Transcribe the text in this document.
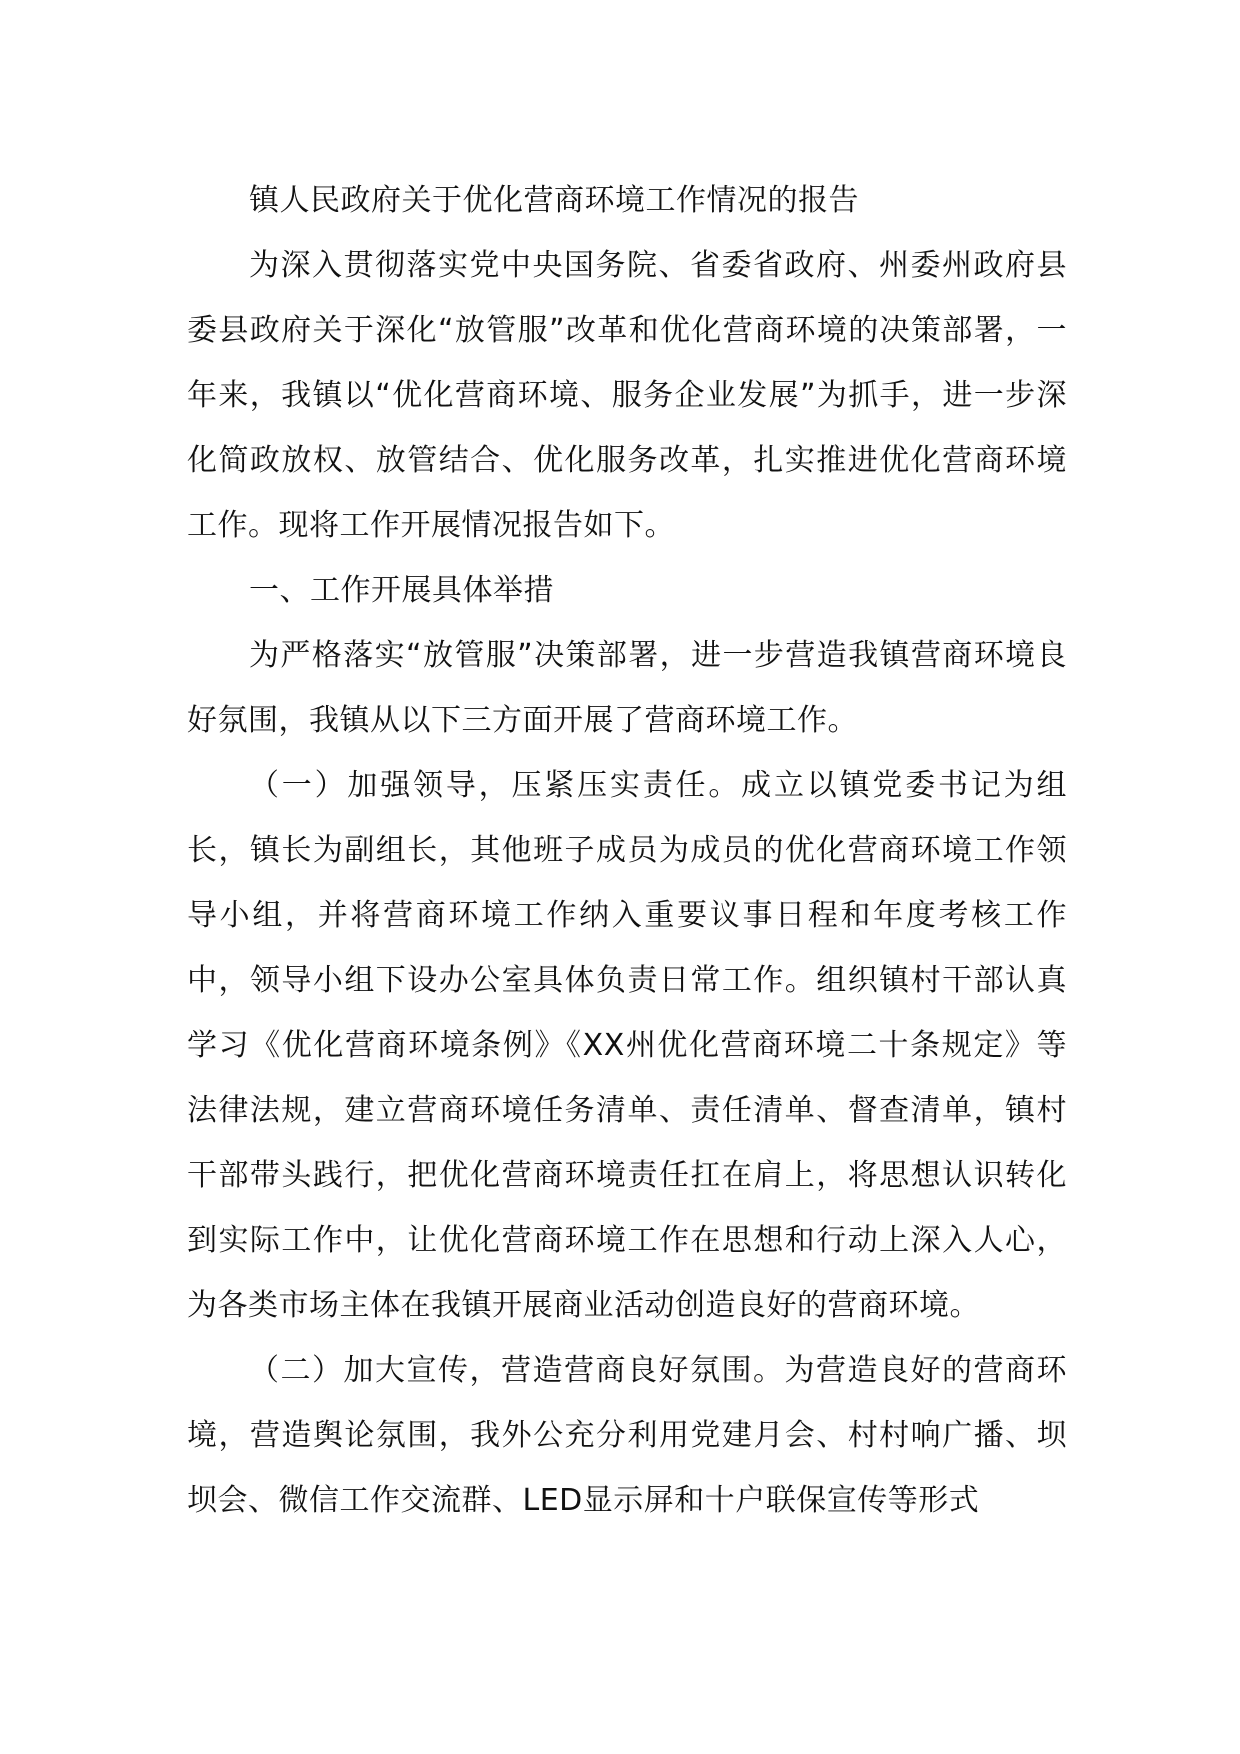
镇人民政府关于优化营商环境工作情况的报告

为深入贯彻落实党中央国务院、省委省政府、州委州政府县委县政府关于深化“放管服”改革和优化营商环境的决策部署，一年来，我镇以“优化营商环境、服务企业发展”为抓手，进一步深化简政放权、放管结合、优化服务改革，扎实推进优化营商环境工作。现将工作开展情况报告如下。

一、工作开展具体举措

为严格落实“放管服”决策部署，进一步营造我镇营商环境良好氛围，我镇从以下三方面开展了营商环境工作。

（一）加强领导，压紧压实责任。成立以镇党委书记为组长，镇长为副组长，其他班子成员为成员的优化营商环境工作领导小组，并将营商环境工作纳入重要议事日程和年度考核工作中，领导小组下设办公室具体负责日常工作。组织镇村干部认真学习《优化营商环境条例》《XX州优化营商环境二十条规定》等法律法规，建立营商环境任务清单、责任清单、督查清单，镇村干部带头践行，把优化营商环境责任扛在肩上，将思想认识转化到实际工作中，让优化营商环境工作在思想和行动上深入人心，为各类市场主体在我镇开展商业活动创造良好的营商环境。

（二）加大宣传，营造营商良好氛围。为营造良好的营商环境，营造舆论氛围，我外公充分利用党建月会、村村响广播、坝坝会、微信工作交流群、LED显示屏和十户联保宣传等形式
